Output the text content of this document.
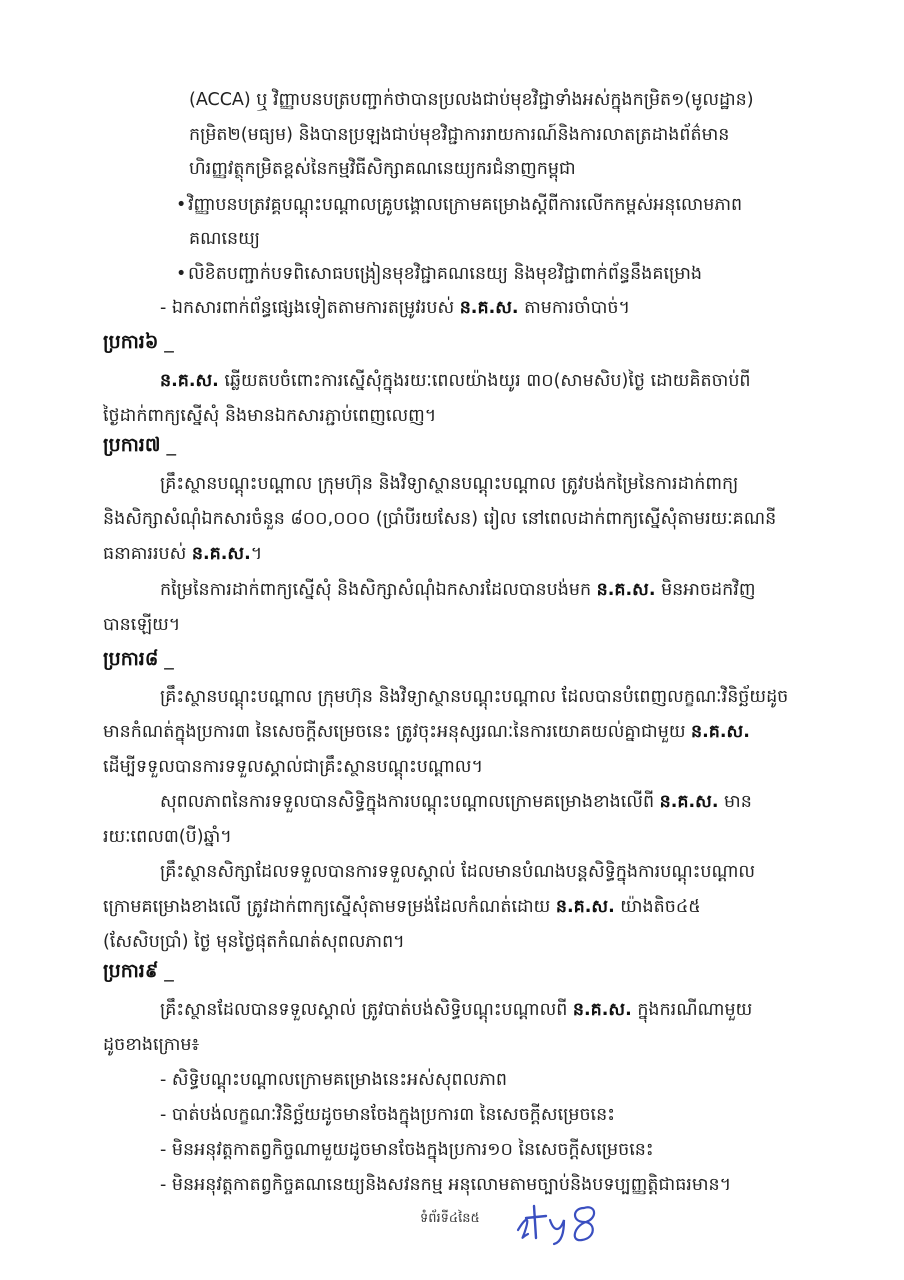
(ACCA) ឬ វិញ្ញាបនបត្របញ្ជាក់ថាបានប្រលងជាប់មុខវិជ្ជាទាំងអស់ក្នុងកម្រិត១(មូលដ្ឋាន)
កម្រិត២(មធ្យម) និងបានប្រឡងជាប់មុខវិជ្ជាការរាយការណ៍និងការលាតត្រដាងព័ត៌មាន
ហិរញ្ញវត្ថុកម្រិតខ្ពស់នៃកម្មវិធីសិក្សាគណនេយ្យករជំនាញកម្ពុជា
•វិញ្ញាបនបត្រវគ្គបណ្តុះបណ្តាលគ្រូបង្គោលក្រោមគម្រោងស្តីពីការលើកកម្ពស់អនុលោមភាព
គណនេយ្យ
•លិខិតបញ្ជាក់បទពិសោធបង្រៀនមុខវិជ្ជាគណនេយ្យ និងមុខវិជ្ជាពាក់ព័ន្ធនឹងគម្រោង
- ឯកសារពាក់ព័ន្ធផ្សេងទៀតតាមការតម្រូវរបស់ ន.គ.ស. តាមការចាំបាច់។
ប្រការ៦ _
ន.គ.ស. ឆ្លើយតបចំពោះការស្នើសុំក្នុងរយៈពេលយ៉ាងយូរ ៣០(សាមសិប)ថ្ងៃ ដោយគិតចាប់ពី
ថ្ងៃដាក់ពាក្យស្នើសុំ និងមានឯកសារភ្ជាប់ពេញលេញ។
ប្រការ៧ _
គ្រឹះស្ថានបណ្តុះបណ្តាល ក្រុមហ៊ុន និងវិទ្យាស្ថានបណ្តុះបណ្តាល ត្រូវបង់កម្រៃនៃការដាក់ពាក្យ
និងសិក្សាសំណុំឯកសារចំនួន ៨០០,០០០ (ប្រាំបីរយសែន) រៀល នៅពេលដាក់ពាក្យស្នើសុំតាមរយៈគណនី
ធនាគាររបស់ ន.គ.ស.។
កម្រៃនៃការដាក់ពាក្យស្នើសុំ និងសិក្សាសំណុំឯកសារដែលបានបង់មក ន.គ.ស. មិនអាចដកវិញ
បានឡើយ។
ប្រការ៨ _
គ្រឹះស្ថានបណ្តុះបណ្តាល ក្រុមហ៊ុន និងវិទ្យាស្ថានបណ្តុះបណ្តាល ដែលបានបំពេញលក្ខណៈវិនិច្ឆ័យដូច
មានកំណត់ក្នុងប្រការ៣ នៃសេចក្តីសម្រេចនេះ ត្រូវចុះអនុស្សរណៈនៃការយោគយល់គ្នាជាមួយ ន.គ.ស.
ដើម្បីទទួលបានការទទួលស្គាល់ជាគ្រឹះស្ថានបណ្តុះបណ្តាល។
សុពលភាពនៃការទទួលបានសិទ្ធិក្នុងការបណ្តុះបណ្តាលក្រោមគម្រោងខាងលើពី ន.គ.ស. មាន
រយៈពេល៣(បី)ឆ្នាំ។
គ្រឹះស្ថានសិក្សាដែលទទួលបានការទទួលស្គាល់ ដែលមានបំណងបន្តសិទ្ធិក្នុងការបណ្តុះបណ្តាល
ក្រោមគម្រោងខាងលើ ត្រូវដាក់ពាក្យស្នើសុំតាមទម្រង់ដែលកំណត់ដោយ ន.គ.ស. យ៉ាងតិច៤៥
(សែសិបប្រាំ) ថ្ងៃ មុនថ្ងៃផុតកំណត់សុពលភាព។
ប្រការ៩ _
គ្រឹះស្ថានដែលបានទទួលស្គាល់ ត្រូវបាត់បង់សិទ្ធិបណ្តុះបណ្តាលពី ន.គ.ស. ក្នុងករណីណាមួយ
ដូចខាងក្រោម៖
- សិទ្ធិបណ្តុះបណ្តាលក្រោមគម្រោងនេះអស់សុពលភាព
- បាត់បង់លក្ខណៈវិនិច្ឆ័យដូចមានចែងក្នុងប្រការ៣ នៃសេចក្តីសម្រេចនេះ
- មិនអនុវត្តកាតព្វកិច្ចណាមួយដូចមានចែងក្នុងប្រការ១០ នៃសេចក្តីសម្រេចនេះ
- មិនអនុវត្តកាតព្វកិច្ចគណនេយ្យនិងសវនកម្ម អនុលោមតាមច្បាប់និងបទប្បញ្ញត្តិជាធរមាន។
ទំព័រទី៤នៃ៥
